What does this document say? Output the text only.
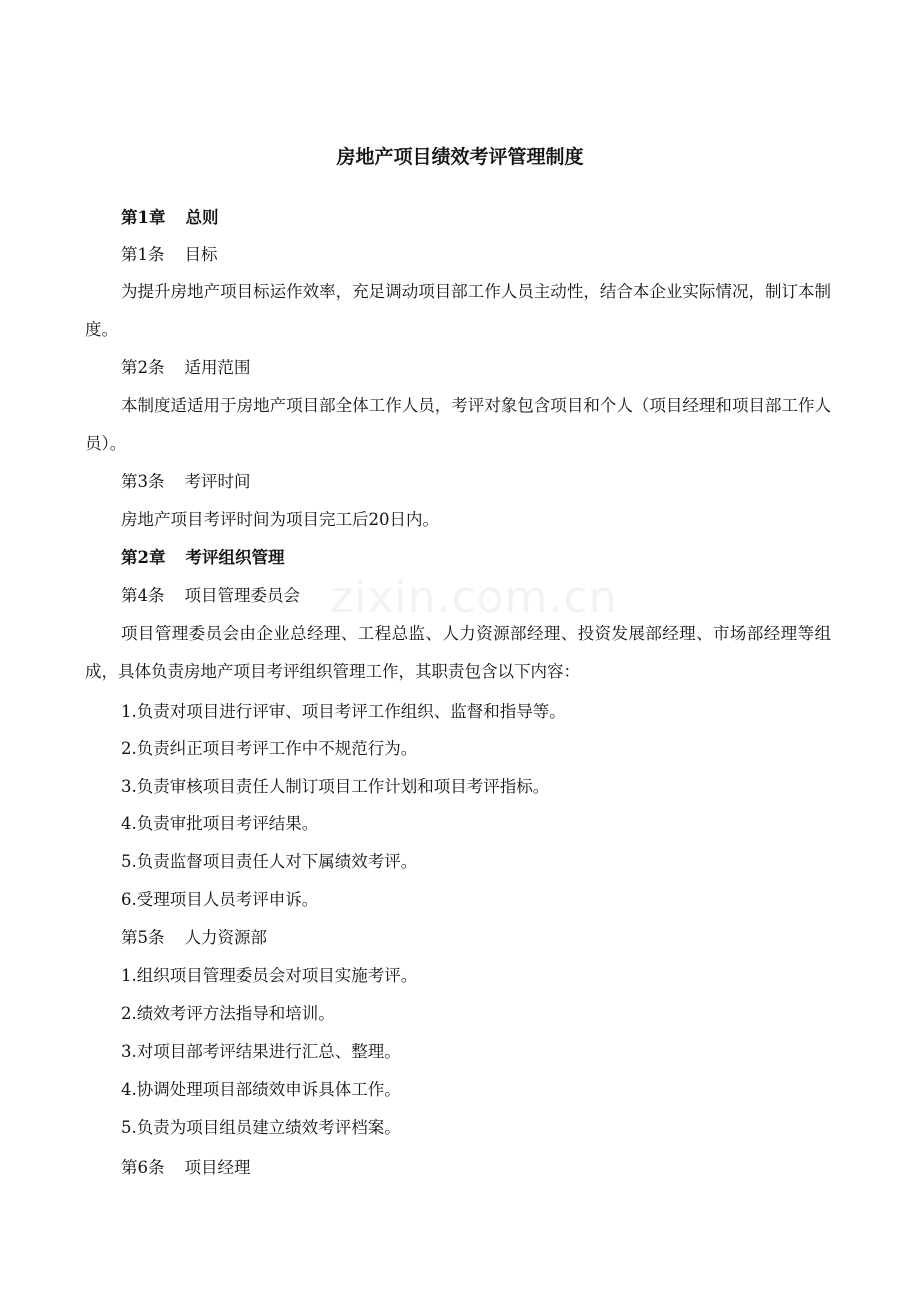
zixin.com.cn
房地产项目绩效考评管理制度
第1章 总则
第1条 目标
为提升房地产项目标运作效率，充足调动项目部工作人员主动性，结合本企业实际情况，制订本制度。
第2条 适用范围
本制度适适用于房地产项目部全体工作人员，考评对象包含项目和个人（项目经理和项目部工作人员）。
第3条 考评时间
房地产项目考评时间为项目完工后20日内。
第2章 考评组织管理
第4条 项目管理委员会
项目管理委员会由企业总经理、工程总监、人力资源部经理、投资发展部经理、市场部经理等组成，具体负责房地产项目考评组织管理工作，其职责包含以下内容：
1.负责对项目进行评审、项目考评工作组织、监督和指导等。
2.负责纠正项目考评工作中不规范行为。
3.负责审核项目责任人制订项目工作计划和项目考评指标。
4.负责审批项目考评结果。
5.负责监督项目责任人对下属绩效考评。
6.受理项目人员考评申诉。
第5条 人力资源部
1.组织项目管理委员会对项目实施考评。
2.绩效考评方法指导和培训。
3.对项目部考评结果进行汇总、整理。
4.协调处理项目部绩效申诉具体工作。
5.负责为项目组员建立绩效考评档案。
第6条 项目经理
